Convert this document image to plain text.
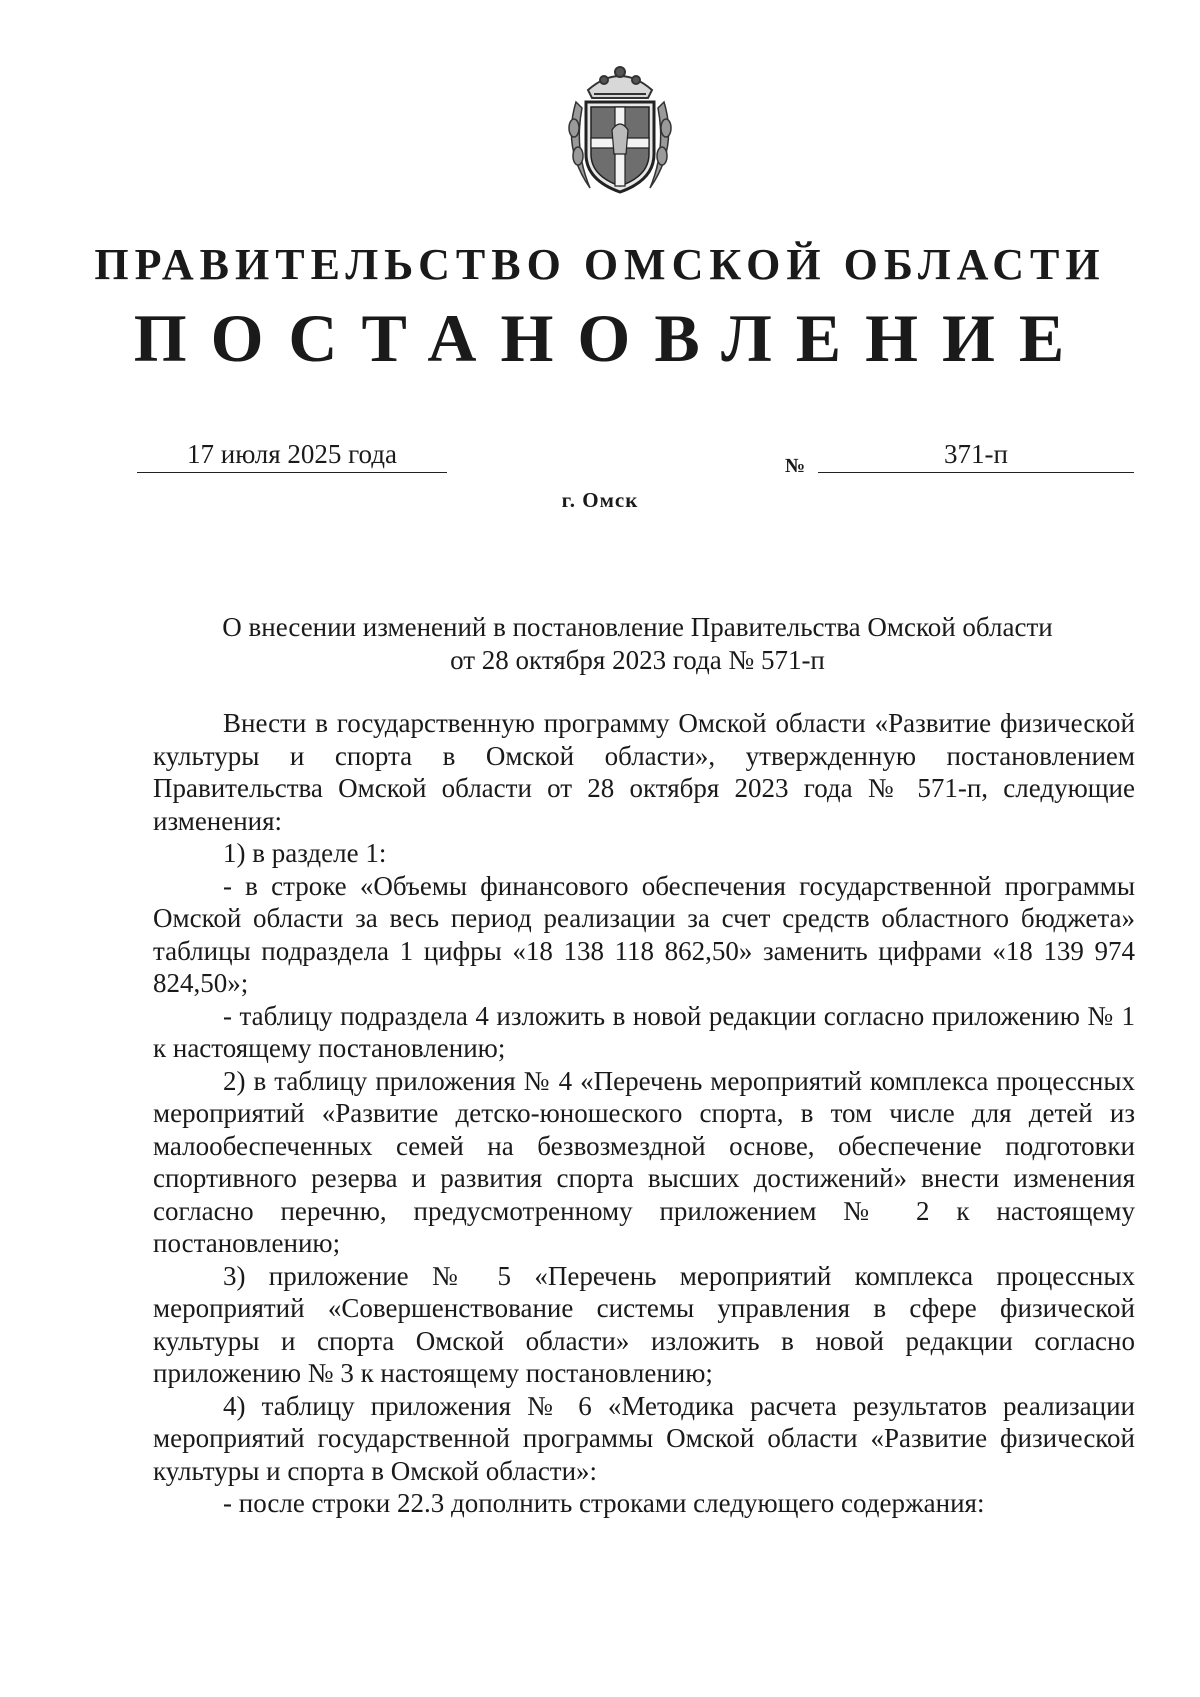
ПРАВИТЕЛЬСТВО ОМСКОЙ ОБЛАСТИ
ПОСТАНОВЛЕНИЕ
17 июля 2025 года	№	371-п
г. Омск
О внесении изменений в постановление Правительства Омской области
от 28 октября 2023 года № 571-п

Внести в государственную программу Омской области «Развитие физической культуры и спорта в Омской области», утвержденную постановлением Правительства Омской области от 28 октября 2023 года № 571-п, следующие изменения:

1) в разделе 1:

- в строке «Объемы финансового обеспечения государственной программы Омской области за весь период реализации за счет средств областного бюджета» таблицы подраздела 1 цифры «18 138 118 862,50» заменить цифрами «18 139 974 824,50»;

- таблицу подраздела 4 изложить в новой редакции согласно приложению № 1 к настоящему постановлению;

2) в таблицу приложения № 4 «Перечень мероприятий комплекса процессных мероприятий «Развитие детско-юношеского спорта, в том числе для детей из малообеспеченных семей на безвозмездной основе, обеспечение подготовки спортивного резерва и развития спорта высших достижений» внести изменения согласно перечню, предусмотренному приложением № 2 к настоящему постановлению;

3) приложение № 5 «Перечень мероприятий комплекса процессных мероприятий «Совершенствование системы управления в сфере физической культуры и спорта Омской области» изложить в новой редакции согласно приложению № 3 к настоящему постановлению;

4) таблицу приложения № 6 «Методика расчета результатов реализации мероприятий государственной программы Омской области «Развитие физической культуры и спорта в Омской области»:

- после строки 22.3 дополнить строками следующего содержания:
